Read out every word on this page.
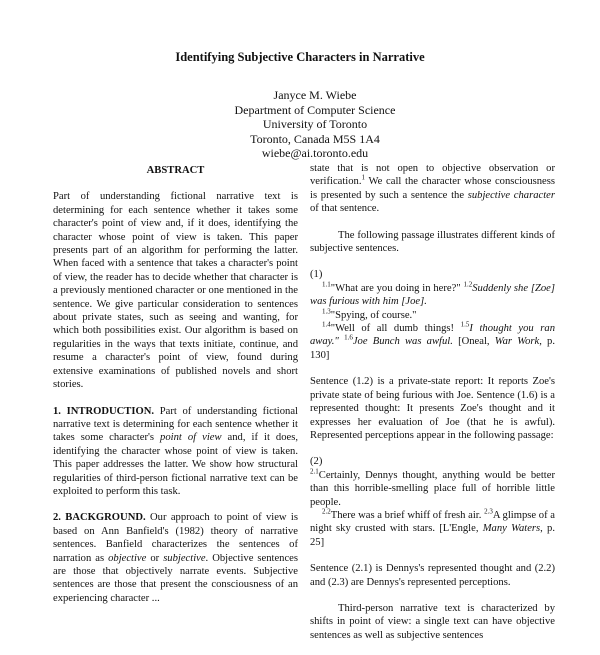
Identifying Subjective Characters in Narrative
Janyce M. Wiebe
Department of Computer Science
University of Toronto
Toronto, Canada M5S 1A4
wiebe@ai.toronto.edu
ABSTRACT

Part of understanding fictional narrative text is determining for each sentence whether it takes some character's point of view and, if it does, identifying the character whose point of view is taken. This paper presents part of an algorithm for performing the latter. When faced with a sentence that takes a character's point of view, the reader has to decide whether that character is a previously mentioned character or one mentioned in the sentence. We give particular consideration to sentences about private states, such as seeing and wanting, for which both possibilities exist. Our algorithm is based on regularities in the ways that texts initiate, continue, and resume a character's point of view, found during extensive examinations of published novels and short stories.

1. INTRODUCTION. Part of understanding fictional narrative text is determining for each sentence whether it takes some character's point of view and, if it does, identifying the character whose point of view is taken. This paper addresses the latter. We show how structural regularities of third-person fictional narrative text can be exploited to perform this task.

2. BACKGROUND. Our approach to point of view is based on Ann Banfield's (1982) theory of narrative sentences. Banfield characterizes the sentences of narration as objective or subjective. Objective sentences are those that objectively narrate events. Subjective sentences are those that present the consciousness of an experiencing character ...

state that is not open to objective observation or verification.$^1$ We call the character whose consciousness is presented by such a sentence the subjective character of that sentence.

The following passage illustrates different kinds of subjective sentences.

(1)
$^{1.1}$"What are you doing in here?" $^{1.2}$Suddenly she [Zoe] was furious with him [Joe].
$^{1.3}$"Spying, of course."
$^{1.4}$"Well of all dumb things! $^{1.5}$I thought you ran away." $^{1.6}$Joe Bunch was awful. [Oneal, War Work, p. 130]

Sentence (1.2) is a private-state report: It reports Zoe's private state of being furious with Joe. Sentence (1.6) is a represented thought: It presents Zoe's thought and it expresses her evaluation of Joe (that he is awful). Represented perceptions appear in the following passage:

(2)
$^{2.1}$Certainly, Dennys thought, anything would be better than this horrible-smelling place full of horrible little people.
$^{2.2}$There was a brief whiff of fresh air. $^{2.3}$A glimpse of a night sky crusted with stars. [L'Engle, Many Waters, p. 25]

Sentence (2.1) is Dennys's represented thought and (2.2) and (2.3) are Dennys's represented perceptions.

Third-person narrative text is characterized by shifts in point of view: a single text can have objective sentences as well as subjective sentences
